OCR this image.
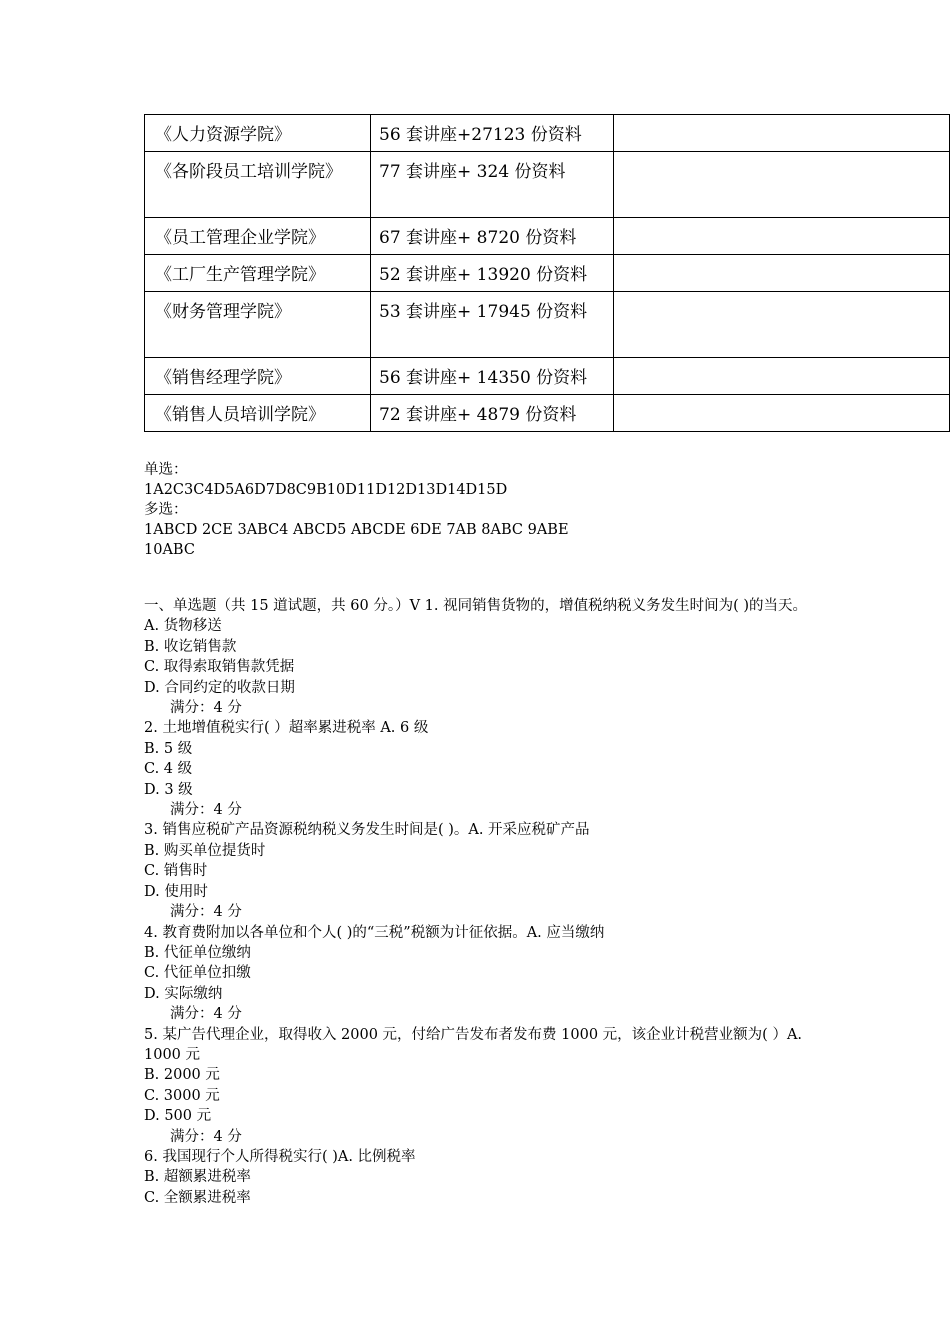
《人力资源学院》	56 套讲座+27123 份资料	
《各阶段员工培训学院》	77 套讲座+ 324 份资料	
《员工管理企业学院》	67 套讲座+ 8720 份资料	
《工厂生产管理学院》	52 套讲座+ 13920 份资料	
《财务管理学院》	53 套讲座+ 17945 份资料	
《销售经理学院》	56 套讲座+ 14350 份资料	
《销售人员培训学院》	72 套讲座+ 4879 份资料	
单选：
1A2C3C4D5A6D7D8C9B10D11D12D13D14D15D
多选：
1ABCD 2CE 3ABC4 ABCD5 ABCDE 6DE 7AB 8ABC 9ABE
10ABC
一、单选题（共 15 道试题，共 60 分。）V 1. 视同销售货物的，增值税纳税义务发生时间为( )的当天。A. 货物移送
B. 收讫销售款
C. 取得索取销售款凭据
D. 合同约定的收款日期
满分：4 分
2. 土地增值税实行( ）超率累进税率 A. 6 级
B. 5 级
C. 4 级
D. 3 级
满分：4 分
3. 销售应税矿产品资源税纳税义务发生时间是( )。A. 开采应税矿产品
B. 购买单位提货时
C. 销售时
D. 使用时
满分：4 分
4. 教育费附加以各单位和个人( )的“三税”税额为计征依据。A. 应当缴纳
B. 代征单位缴纳
C. 代征单位扣缴
D. 实际缴纳
满分：4 分
5. 某广告代理企业，取得收入 2000 元，付给广告发布者发布费 1000 元，该企业计税营业额为( ）A. 1000 元
B. 2000 元
C. 3000 元
D. 500 元
满分：4 分
6. 我国现行个人所得税实行( )A. 比例税率
B. 超额累进税率
C. 全额累进税率
